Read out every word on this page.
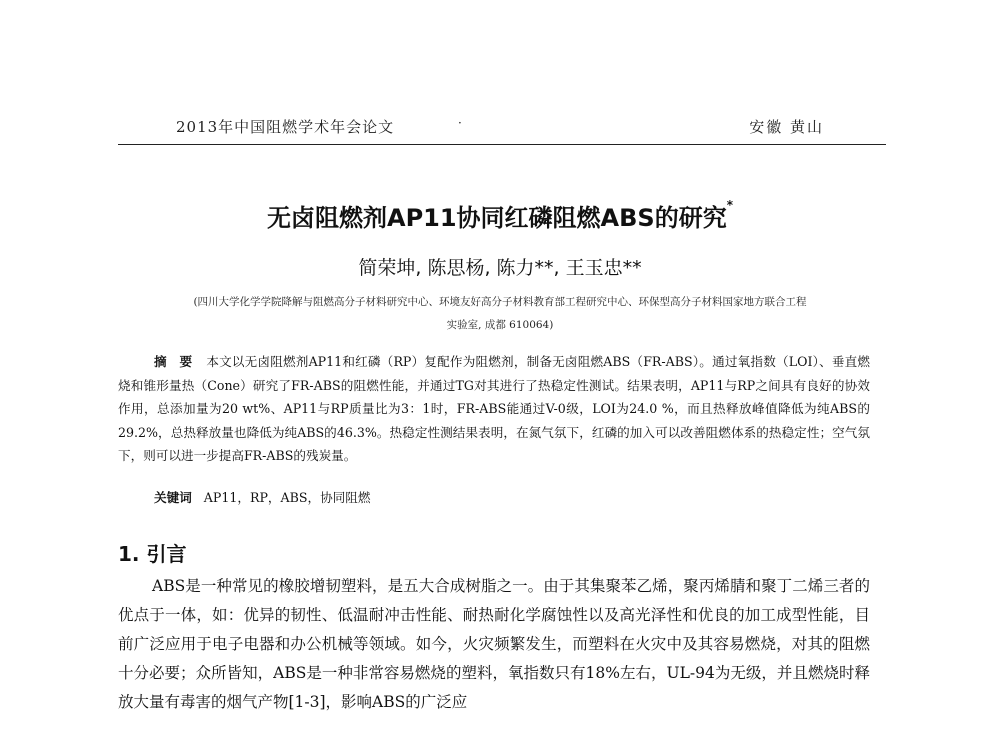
2013年中国阻燃学术年会论文	·	安徽 黄山
无卤阻燃剂AP11协同红磷阻燃ABS的研究*
简荣坤, 陈思杨, 陈力**, 王玉忠**
(四川大学化学学院降解与阻燃高分子材料研究中心、环境友好高分子材料教育部工程研究中心、环保型高分子材料国家地方联合工程
实验室, 成都 610064)
摘　要 本文以无卤阻燃剂AP11和红磷（RP）复配作为阻燃剂，制备无卤阻燃ABS（FR-ABS）。通过氧指数（LOI）、垂直燃烧和锥形量热（Cone）研究了FR-ABS的阻燃性能，并通过TG对其进行了热稳定性测试。结果表明，AP11与RP之间具有良好的协效作用，总添加量为20 wt%、AP11与RP质量比为3：1时，FR-ABS能通过V-0级，LOI为24.0 %，而且热释放峰值降低为纯ABS的29.2%，总热释放量也降低为纯ABS的46.3%。热稳定性测结果表明，在氮气氛下，红磷的加入可以改善阻燃体系的热稳定性；空气氛下，则可以进一步提高FR-ABS的残炭量。
关键词 AP11，RP，ABS，协同阻燃
1. 引言
ABS是一种常见的橡胶增韧塑料，是五大合成树脂之一。由于其集聚苯乙烯，聚丙烯腈和聚丁二烯三者的优点于一体，如：优异的韧性、低温耐冲击性能、耐热耐化学腐蚀性以及高光泽性和优良的加工成型性能，目前广泛应用于电子电器和办公机械等领域。如今，火灾频繁发生，而塑料在火灾中及其容易燃烧，对其的阻燃十分必要；众所皆知，ABS是一种非常容易燃烧的塑料，氧指数只有18%左右，UL-94为无级，并且燃烧时释放大量有毒害的烟气产物[1-3]，影响ABS的广泛应
